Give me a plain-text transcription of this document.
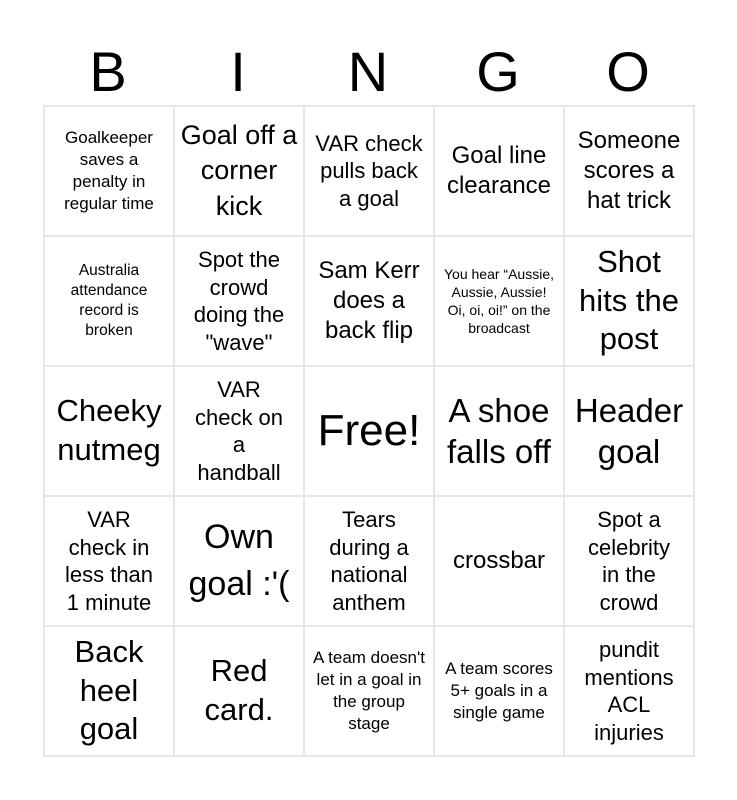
B	I	N	G	O
Goalkeeper saves a penalty in regular time
Goal off a corner kick
VAR check pulls back a goal
Goal line clearance
Someone scores a hat trick
Australia attendance record is broken
Spot the crowd doing the "wave"
Sam Kerr does a back flip
You hear “Aussie, Aussie, Aussie! Oi, oi, oi!” on the broadcast
Shot hits the post
Cheeky nutmeg
VAR check on a handball
Free! A shoe falls off
Header goal
VAR check in less than 1 minute
Own goal :'(
Tears during a national anthem
crossbar
Spot a celebrity in the crowd
Back heel goal
Red card.
A team doesn't let in a goal in the group stage
A team scores 5+ goals in a single game
pundit mentions ACL injuries
